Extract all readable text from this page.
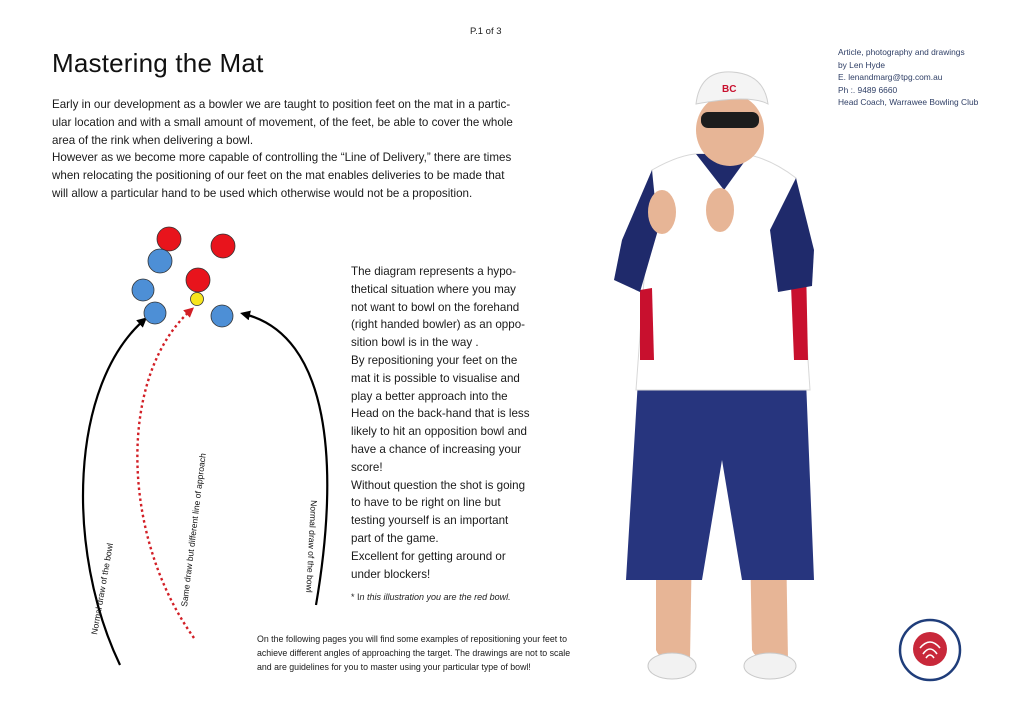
P.1 of 3
Mastering the Mat

Early in our development as a bowler we are taught to position feet on the mat in a partic-

ular location and with a small amount of movement, of the feet, be able to cover the whole

area of the rink when delivering a bowl.

However as we become more capable of controlling the “Line of Delivery,” there are times

when relocating the positioning of our feet on the mat enables deliveries to be made that

will allow a particular hand to be used which otherwise would not be a proposition.

Article, photography and drawings
by Len Hyde
E. lenandmarg@tpg.com.au
Ph :. 9489 6660
Head Coach, Warrawee Bowling Club
Normal draw of the bowl	Same draw but different line of approach	Normal draw of the bowl
The diagram represents a hypo-
thetical situation where you may
not want to bowl on the forehand
(right handed bowler) as an oppo-
sition bowl is in the way .
By repositioning your feet on the
mat it is possible to visualise and
play a better approach into the
Head on the back-hand that is less
likely to hit an opposition bowl and
have a chance of increasing your
score!
Without question the shot is going
to have to be right on line but
testing yourself is an important
part of the game.
Excellent for getting around or
under blockers!
* In this illustration you are the red bowl.
On the following pages you will find some examples of repositioning your feet to
achieve different angles of approaching the target. The drawings are not to scale
and are guidelines for you to master using your particular type of bowl!
BC
